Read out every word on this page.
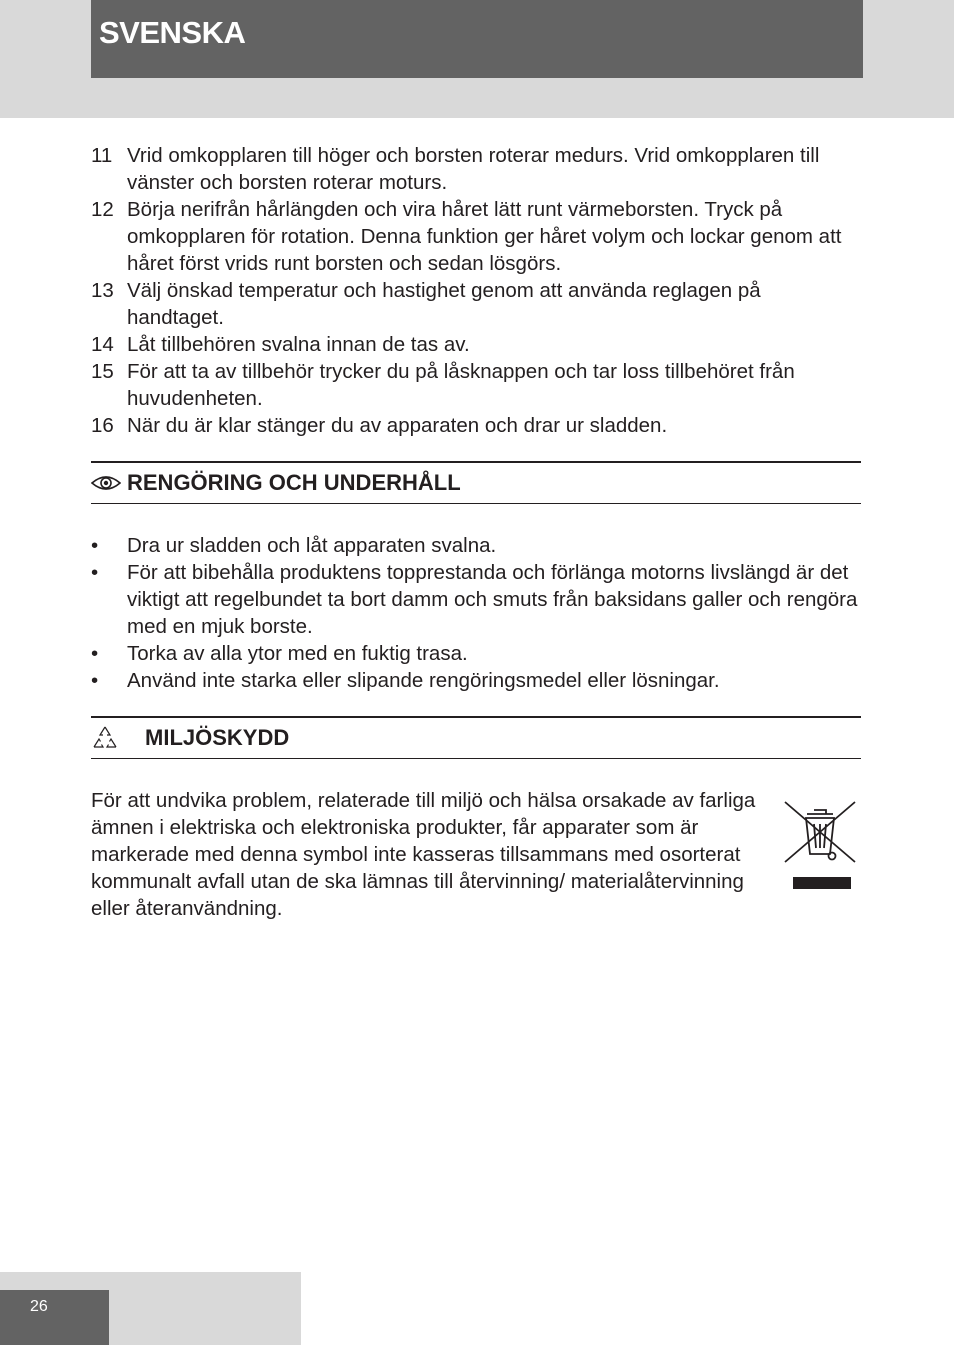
SVENSKA
11 Vrid omkopplaren till höger och borsten roterar medurs. Vrid omkopplaren till vänster och borsten roterar moturs.
12 Börja nerifrån hårlängden och vira håret lätt runt värmeborsten. Tryck på omkopplaren för rotation. Denna funktion ger håret volym och lockar genom att håret först vrids runt borsten och sedan lösgörs.
13 Välj önskad temperatur och hastighet genom att använda reglagen på handtaget.
14 Låt tillbehören svalna innan de tas av.
15 För att ta av tillbehör trycker du på låsknappen och tar loss tillbehöret från huvudenheten.
16 När du är klar stänger du av apparaten och drar ur sladden.
RENGÖRING OCH UNDERHÅLL
•	Dra ur sladden och låt apparaten svalna.
•	För att bibehålla produktens topprestanda och förlänga motorns livslängd är det viktigt att regelbundet ta bort damm och smuts från baksidans galler och rengöra med en mjuk borste.
•	Torka av alla ytor med en fuktig trasa.
•	Använd inte starka eller slipande rengöringsmedel eller lösningar.
MILJÖSKYDD
För att undvika problem, relaterade till miljö och hälsa orsakade av farliga ämnen i elektriska och elektroniska produkter, får apparater som är markerade med denna symbol inte kasseras tillsammans med osorterat kommunalt avfall utan de ska lämnas till återvinning/ materialåtervinning eller återanvändning.
26
